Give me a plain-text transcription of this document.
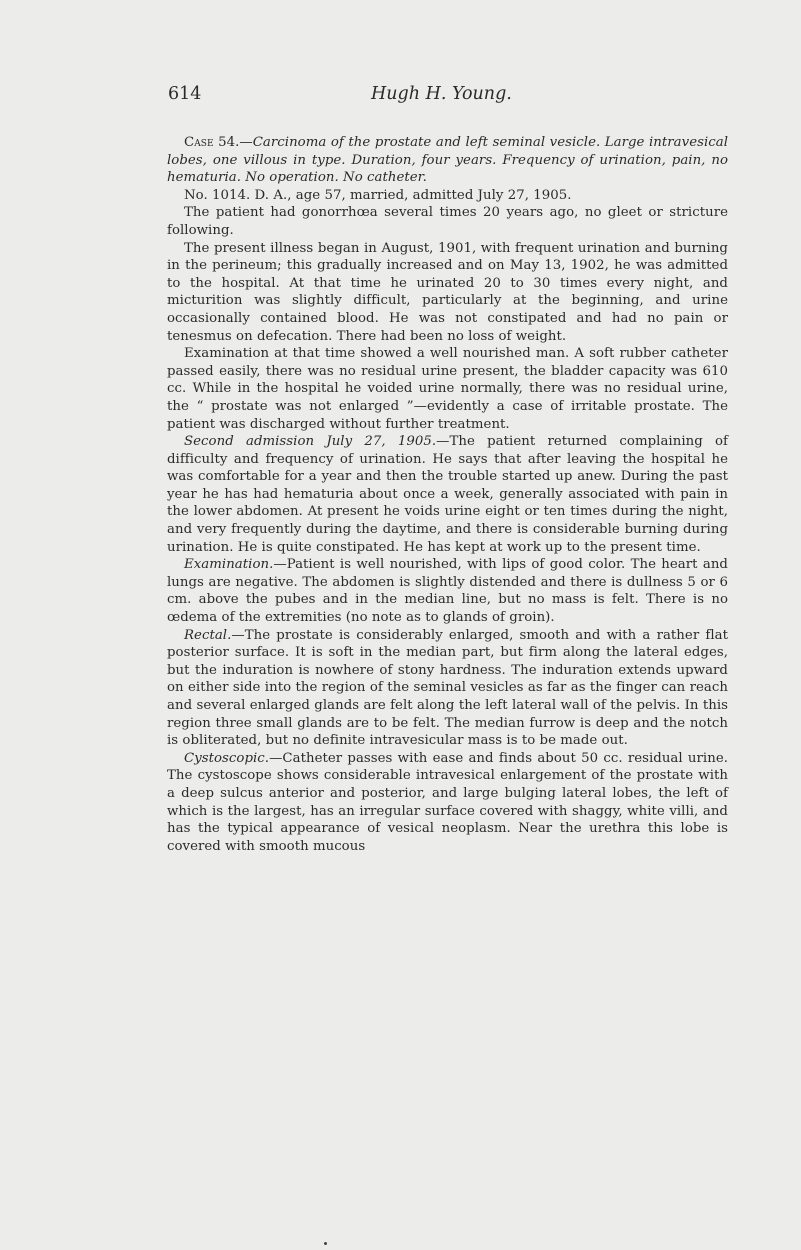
614	Hugh H. Young.

Case 54.—Carcinoma of the prostate and left seminal vesicle. Large intravesical lobes, one villous in type. Duration, four years. Frequency of urination, pain, no hematuria. No operation. No catheter.

No. 1014. D. A., age 57, married, admitted July 27, 1905.

The patient had gonorrhœa several times 20 years ago, no gleet or stricture following.

The present illness began in August, 1901, with frequent urination and burning in the perineum; this gradually increased and on May 13, 1902, he was admitted to the hospital. At that time he urinated 20 to 30 times every night, and micturition was slightly difficult, particularly at the beginning, and urine occasionally contained blood. He was not constipated and had no pain or tenesmus on defecation. There had been no loss of weight.

Examination at that time showed a well nourished man. A soft rubber catheter passed easily, there was no residual urine present, the bladder capacity was 610 cc. While in the hospital he voided urine normally, there was no residual urine, the “ prostate was not enlarged ”—evidently a case of irritable prostate. The patient was discharged without further treatment.

Second admission July 27, 1905.—The patient returned complaining of difficulty and frequency of urination. He says that after leaving the hospital he was comfortable for a year and then the trouble started up anew. During the past year he has had hematuria about once a week, generally associated with pain in the lower abdomen. At present he voids urine eight or ten times during the night, and very frequently during the daytime, and there is considerable burning during urination. He is quite constipated. He has kept at work up to the present time.

Examination.—Patient is well nourished, with lips of good color. The heart and lungs are negative. The abdomen is slightly distended and there is dullness 5 or 6 cm. above the pubes and in the median line, but no mass is felt. There is no œdema of the extremities (no note as to glands of groin).

Rectal.—The prostate is considerably enlarged, smooth and with a rather flat posterior surface. It is soft in the median part, but firm along the lateral edges, but the induration is nowhere of stony hardness. The induration extends upward on either side into the region of the seminal vesicles as far as the finger can reach and several enlarged glands are felt along the left lateral wall of the pelvis. In this region three small glands are to be felt. The median furrow is deep and the notch is obliterated, but no definite intravesicular mass is to be made out.

Cystoscopic.—Catheter passes with ease and finds about 50 cc. residual urine. The cystoscope shows considerable intravesical enlargement of the prostate with a deep sulcus anterior and posterior, and large bulging lateral lobes, the left of which is the largest, has an irregular surface covered with shaggy, white villi, and has the typical appearance of vesical neoplasm. Near the urethra this lobe is covered with smooth mucous
